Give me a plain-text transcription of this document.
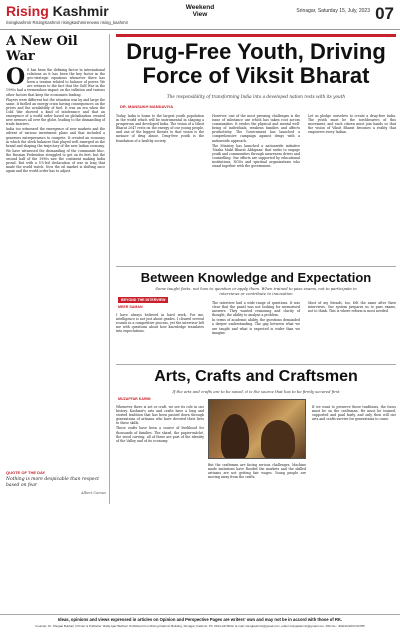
Rising Kashmir
risingkashmir RisingKashmir risingkashmirenews rising_kashmir
Weekend View	Srinagar, Saturday 15, July, 2023 07
A New Oil War
O il has been the defining factor in international relations as it has been the key factor in the geo-strategic equations whenever there has been a tension related to balance of power. We are witness to the fact that the Gulf War in the 1990s had a tremendous impact on the inflation and various other factors that keep the economies leading.

Players were different but the situation was by and large the same. It fuelled an energy crisis having consequences on the prices and the availability of fuel. It was an era when the Cold War showed a kind of intolerance and that an emergence of a world order based on globalization created new avenues all over the globe, leading to the dismantling of trade barriers.

India too witnessed the emergence of new markets and the advent of various investment plans and that included a generous entrepreneurs to compete. It created an economy in which the sleek balancer that played well emerged as the brand and shaping the trajectory of the new Indian economy.

We have witnessed the dismantling of the communist bloc, the Russian Federation struggled to get on its feet, but the second half of the 1990s saw the continent making India proud. But with a US-led declaration of war in Iraq that made the world watch. Now the oil market is shifting once again and the world order has to adjust.

QUOTE OF THE DAY
Nothing is more despicable than respect based on fear
Albert Camus
Drug-Free Youth, Driving Force of Viksit Bharat
The responsibility of transforming India into a developed nation rests with its youth
DR. MANSUKH MANDAVIYA

Today, India is home to the largest youth population in the world which will be instrumental in shaping a prosperous and developed India. The vision of a Viksit Bharat 2047 rests on the energy of our young people, and one of the biggest threats to that vision is the menace of drug abuse. Drug-free youth is the foundation of a healthy society.

However, one of the most pressing challenges is the issue of substance use which has taken root across communities. It erodes the physical and mental well-being of individuals, weakens families and affects productivity. The Government has launched a comprehensive campaign against drugs with a nationwide approach.

The Ministry has launched a nationwide initiative 'Nasha Mukt Bharat Abhiyaan' that seeks to engage youth and communities through awareness drives and counselling. Our efforts are supported by educational institutions, NGOs and spiritual organisations who stand together with the government.

Let us pledge ourselves to create a drug-free India. The youth must be the torchbearers of this movement, and each citizen must join hands so that the vision of Viksit Bharat becomes a reality that empowers every Indian.

Between Knowledge and Expectation
Some taught facts, not how to question or apply them. When trained to pass exams, not to participate in interviews or contribute to innovation
BEYOND THE INTERVIEW
MEER SAMAN

I have always believed in hard work. For me, intelligence is not just about grades. I cleared several rounds in a competitive process, yet the interview left me with questions about how knowledge translates into expectations.

The interview had a wide range of questions. It was clear that the panel was not looking for memorised answers. They wanted reasoning and clarity of thought, the ability to analyse a problem.

In terms of academic ability, the questions demanded a deeper understanding. The gap between what we are taught and what is expected is wider than we imagine.

Most of my friends, too, felt the same after their interviews. Our system prepares us to pass exams, not to think. This is where reform is most needed.

Arts, Crafts and Craftsmen
If the arts and crafts are to be saved, it is the source that has to be firmly secured first
MUZAFFAR KARIM

Whenever there is art or craft, we see its role in our history. Kashmir's arts and crafts have a long and storied tradition that has been passed down through generations of artisans who have devoted their lives to these skills.

These crafts have been a source of livelihood for thousands of families. The shawl, the papier-mâché, the wood carving, all of these are part of the identity of the Valley and of its economy.

But the craftsmen are facing serious challenges. Machine made imitations have flooded the markets and the skilled artisans are not getting fair wages. Young people are moving away from the crafts.

If we want to preserve these traditions, the focus must be on the craftsman. He must be trained, supported and paid fairly, and only then will our arts and crafts survive for generations to come.

Ideas, opinions and views expressed in articles on Opinion and Perspective Pages are writers' own and may not be in accord with those of RK.
Founder: Dr. Shujaat Bukhari | Printer & Publisher: Rafiq Ajaz Bukhari. Published from Rising Kashmir Building, Srinagar, Kashmir. Ph: 0194-2470042. E-mail: risingkashmir@gmail.com, editor.risingkashmir@gmail.com. RNI No.: JKENG/2007/22785
